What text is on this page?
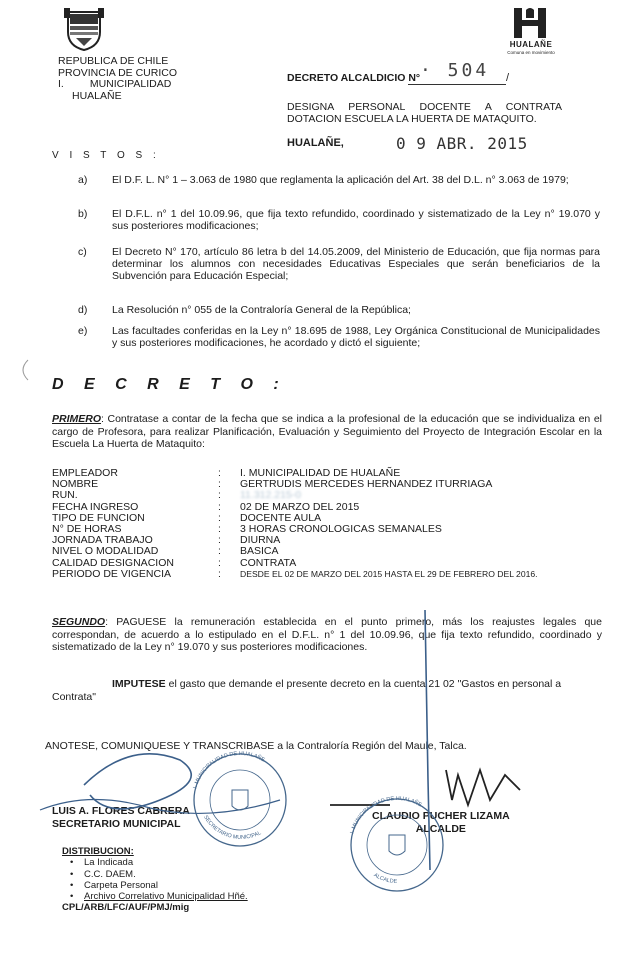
HUALAÑE
Comuna en movimiento
REPUBLICA DE CHILE
PROVINCIA DE CURICO
I. MUNICIPALIDAD
HUALAÑE
DECRETO ALCALDICIO N° · 504 /
DESIGNA PERSONAL DOCENTE A CONTRATA DOTACION ESCUELA LA HUERTA DE MATAQUITO.
HUALAÑE,	0 9 ABR. 2015
V I S T O S :
a) El D.F. L. N° 1 – 3.063 de 1980 que reglamenta la aplicación del Art. 38 del D.L. n° 3.063 de 1979;
b) El D.F.L. n° 1 del 10.09.96, que fija texto refundido, coordinado y sistematizado de la Ley n° 19.070 y sus posteriores modificaciones;
c) El Decreto N° 170, artículo 86 letra b del 14.05.2009, del Ministerio de Educación, que fija normas para determinar los alumnos con necesidades Educativas Especiales que serán beneficiarios de la Subvención para Educación Especial;
d) La Resolución n° 055 de la Contraloría General de la República;
e) Las facultades conferidas en la Ley n° 18.695 de 1988, Ley Orgánica Constitucional de Municipalidades y sus posteriores modificaciones, he acordado y dictó el siguiente;
D E C R E T O :
PRIMERO: Contratase a contar de la fecha que se indica a la profesional de la educación que se individualiza en el cargo de Profesora, para realizar Planificación, Evaluación y Seguimiento del Proyecto de Integración Escolar en la Escuela La Huerta de Mataquito:
EMPLEADOR	:	I. MUNICIPALIDAD DE HUALAÑE
NOMBRE	:	GERTRUDIS MERCEDES HERNANDEZ ITURRIAGA
RUN.	:	11.312.215-0
FECHA INGRESO	:	02 DE MARZO DEL 2015
TIPO DE FUNCION	:	DOCENTE AULA
N° DE HORAS	:	3 HORAS CRONOLOGICAS SEMANALES
JORNADA TRABAJO	:	DIURNA
NIVEL O MODALIDAD	:	BASICA
CALIDAD DESIGNACION	:	CONTRATA
PERIODO DE VIGENCIA	:	DESDE EL 02 DE MARZO DEL 2015 HASTA EL 29 DE FEBRERO DEL 2016.
SEGUNDO: PAGUESE la remuneración establecida en el punto primero, más los reajustes legales que correspondan, de acuerdo a lo estipulado en el D.F.L. n° 1 del 10.09.96, que fija texto refundido, coordinado y sistematizado de la Ley n° 19.070 y sus posteriores modificaciones.
IMPUTESE el gasto que demande el presente decreto en la cuenta 21 02 "Gastos en personal a Contrata"
ANOTESE, COMUNIQUESE Y TRANSCRIBASE a la Contraloría Región del Maule, Talca.
LUIS A. FLORES CABRERA
SECRETARIO MUNICIPAL
CLAUDIO PUCHER LIZAMA
ALCALDE
DISTRIBUCION:
• La Indicada
• C.C. DAEM.
• Carpeta Personal
• Archivo Correlativo Municipalidad Hñé.
CPL/ARB/LFC/AUF/PMJ/mig
I. MUNICIPALIDAD DE HUALAÑE
SECRETARIO MUNICIPAL	I. MUNICIPALIDAD DE HUALAÑE
ALCALDE
